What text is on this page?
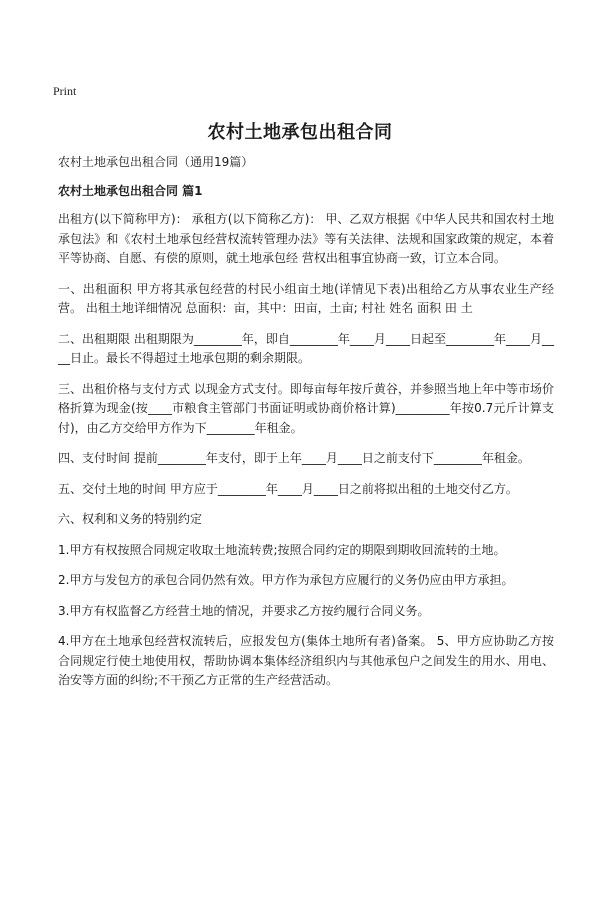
Print
农村土地承包出租合同

农村土地承包出租合同（通用19篇）

农村土地承包出租合同 篇1

出租方(以下简称甲方)： 承租方(以下简称乙方)： 甲、乙双方根据《中华人民共和国农村土地承包法》和《农村土地承包经营权流转管理办法》等有关法律、法规和国家政策的规定，本着平等协商、自愿、有偿的原则，就土地承包经 营权出租事宜协商一致，订立本合同。

一、出租面积 甲方将其承包经营的村民小组亩土地(详情见下表)出租给乙方从事农业生产经营。 出租土地详细情况 总面积：亩，其中：田亩，土亩; 村社 姓名 面积 田 土

二、出租期限 出租期限为________年，即自________年____月____日起至________年____月____日止。最长不得超过土地承包期的剩余期限。

三、出租价格与支付方式 以现金方式支付。即每亩每年按斤黄谷，并参照当地上年中等市场价格折算为现金(按____市粮食主管部门书面证明或协商价格计算)_________年按0.7元斤计算支付)，由乙方交给甲方作为下________年租金。

四、支付时间 提前________年支付，即于上年____月____日之前支付下________年租金。

五、交付土地的时间 甲方应于________年____月____日之前将拟出租的土地交付乙方。

六、权利和义务的特别约定

1.甲方有权按照合同规定收取土地流转费;按照合同约定的期限到期收回流转的土地。

2.甲方与发包方的承包合同仍然有效。甲方作为承包方应履行的义务仍应由甲方承担。

3.甲方有权监督乙方经营土地的情况，并要求乙方按约履行合同义务。

4.甲方在土地承包经营权流转后，应报发包方(集体土地所有者)备案。 5、甲方应协助乙方按合同规定行使土地使用权，帮助协调本集体经济组织内与其他承包户之间发生的用水、用电、治安等方面的纠纷;不干预乙方正常的生产经营活动。
